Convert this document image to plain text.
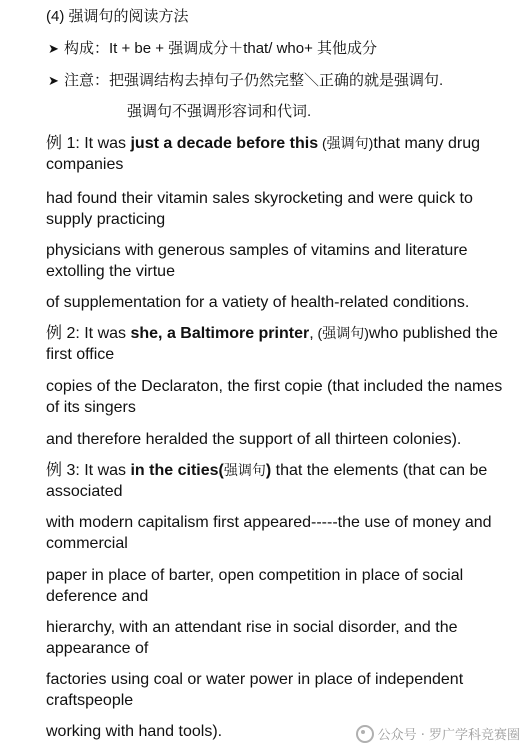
(4) 强调句的阅读方法
➤ 构成：It + be + 强调成分＋that/ who+ 其他成分
➤ 注意：把强调结构去掉句子仍然完整＼正确的就是强调句.
强调句不强调形容词和代词.
例 1: It was just a decade before this (强调句)that many drug companies
had found their vitamin sales skyrocketing and were quick to supply practicing
physicians with generous samples of vitamins and literature extolling the virtue
of supplementation for a vatiety of health-related conditions.
例 2: It was she, a Baltimore printer, (强调句)who published the first office
copies of the Declaraton, the first copie (that included the names of its singers
and therefore heralded the support of all thirteen colonies).
例 3: It was in the cities(强调句) that the elements (that can be associated
with modern capitalism first appeared-----the use of money and commercial
paper in place of barter, open competition in place of social deference and
hierarchy, with an attendant rise in social disorder, and the appearance of
factories using coal or water power in place of independent craftspeople
working with hand tools).	公众号 · 罗广学科竞赛圈
